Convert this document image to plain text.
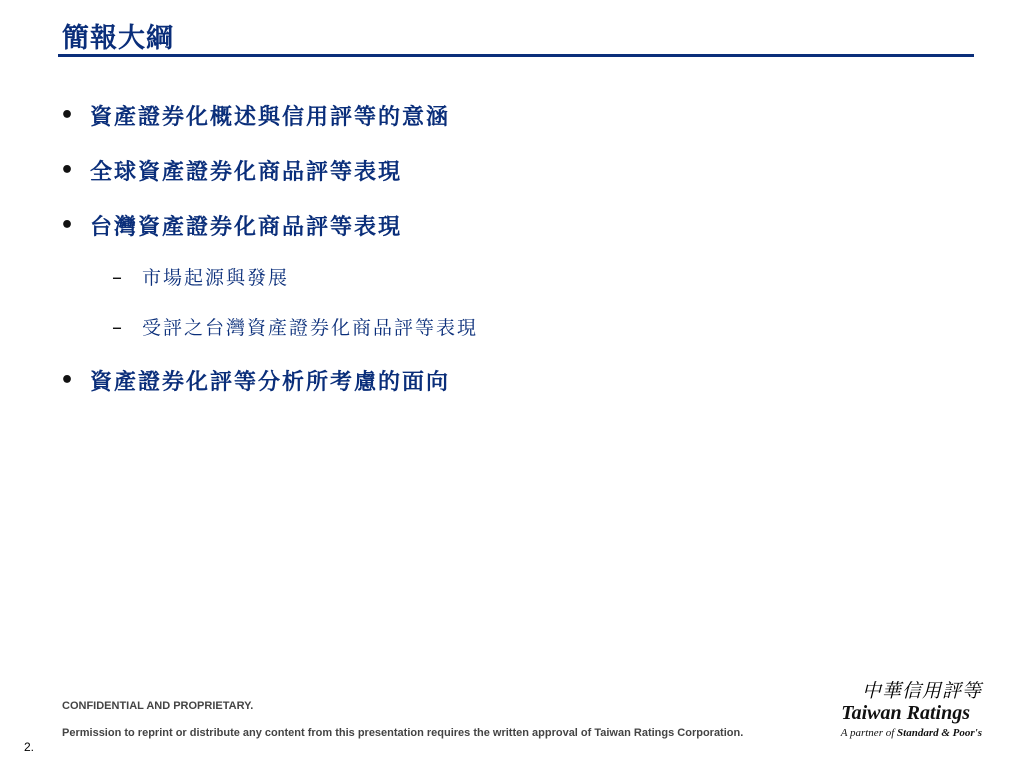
簡報大綱
• 資產證券化概述與信用評等的意涵
• 全球資產證券化商品評等表現
• 台灣資產證券化商品評等表現
– 市場起源與發展
– 受評之台灣資產證券化商品評等表現
• 資產證券化評等分析所考慮的面向
CONFIDENTIAL AND PROPRIETARY.
Permission to reprint or distribute any content from this presentation requires the written approval of Taiwan Ratings Corporation.
2.
中華信用評等
Taiwan Ratings
A partner of Standard & Poor's
